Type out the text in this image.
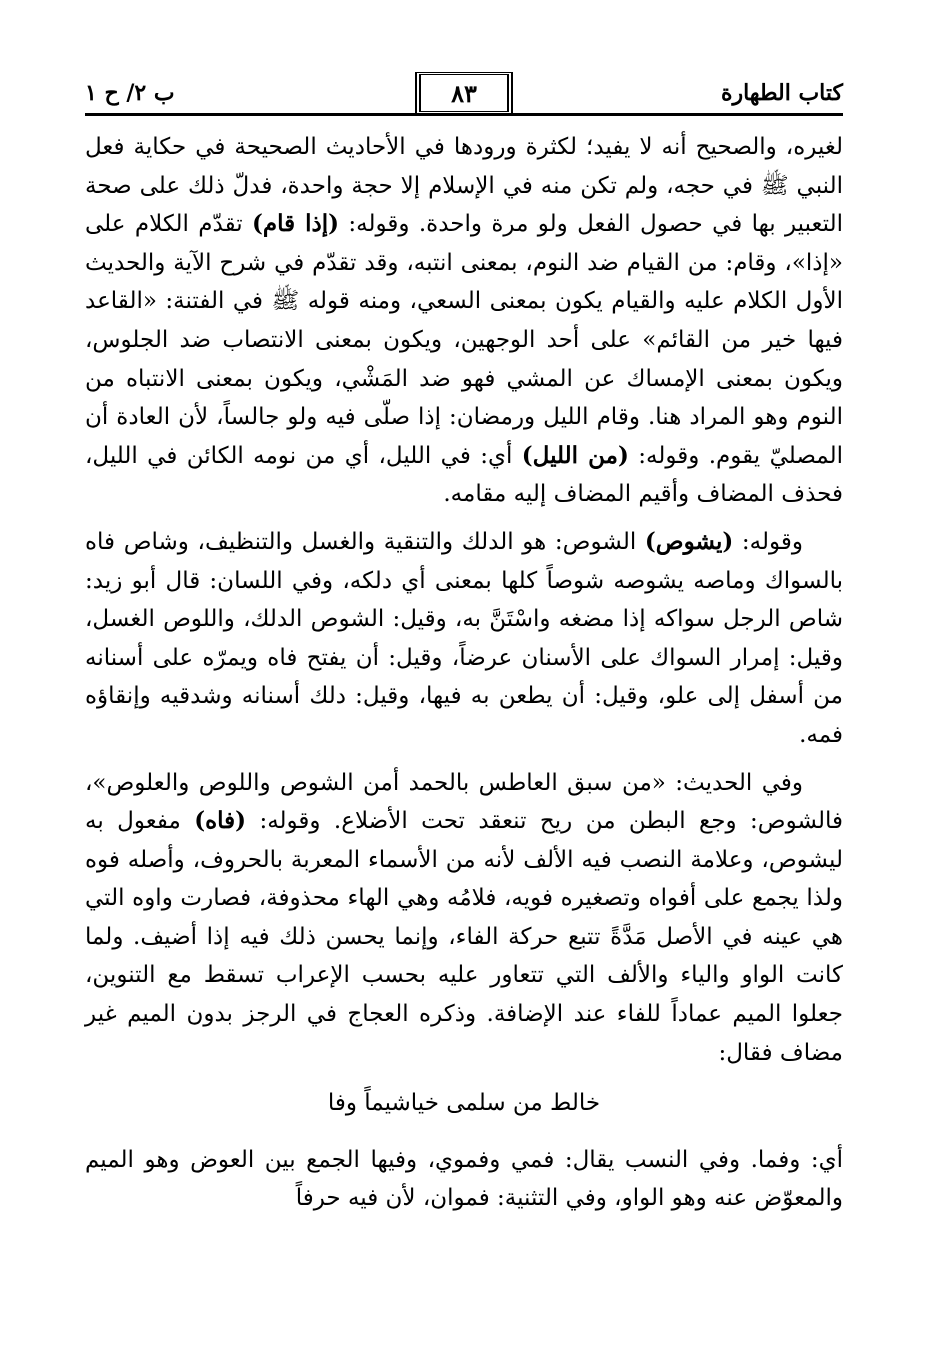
كتاب الطهارة
٨٣
ب ٢/ ح ١

لغيره، والصحيح أنه لا يفيد؛ لكثرة ورودها في الأحاديث الصحيحة في حكاية فعل النبي ﷺ في حجه، ولم تكن منه في الإسلام إلا حجة واحدة، فدلّ ذلك على صحة التعبير بها في حصول الفعل ولو مرة واحدة. وقوله: (إذا قام) تقدّم الكلام على «إذا»، وقام: من القيام ضد النوم، بمعنى انتبه، وقد تقدّم في شرح الآية والحديث الأول الكلام عليه والقيام يكون بمعنى السعي، ومنه قوله ﷺ في الفتنة: «القاعد فيها خير من القائم» على أحد الوجهين، ويكون بمعنى الانتصاب ضد الجلوس، ويكون بمعنى الإمساك عن المشي فهو ضد المَشْي، ويكون بمعنى الانتباه من النوم وهو المراد هنا. وقام الليل ورمضان: إذا صلّى فيه ولو جالساً، لأن العادة أن المصليّ يقوم. وقوله: (من الليل) أي: في الليل، أي من نومه الكائن في الليل، فحذف المضاف وأقيم المضاف إليه مقامه.

وقوله: (يشوص) الشوص: هو الدلك والتنقية والغسل والتنظيف، وشاص فاه بالسواك وماصه يشوصه شوصاً كلها بمعنى أي دلكه، وفي اللسان: قال أبو زيد: شاص الرجل سواكه إذا مضغه واسْتَنَّ به، وقيل: الشوص الدلك، واللوص الغسل، وقيل: إمرار السواك على الأسنان عرضاً، وقيل: أن يفتح فاه ويمرّه على أسنانه من أسفل إلى علو، وقيل: أن يطعن به فيها، وقيل: دلك أسنانه وشدقيه وإنقاؤه فمه.

وفي الحديث: «من سبق العاطس بالحمد أمن الشوص واللوص والعلوص»، فالشوص: وجع البطن من ريح تنعقد تحت الأضلاع. وقوله: (فاه) مفعول به ليشوص، وعلامة النصب فيه الألف لأنه من الأسماء المعربة بالحروف، وأصله فوه ولذا يجمع على أفواه وتصغيره فويه، فلامُه وهي الهاء محذوفة، فصارت واوه التي هي عينه في الأصل مَدَّةً تتبع حركة الفاء، وإنما يحسن ذلك فيه إذا أضيف. ولما كانت الواو والياء والألف التي تتعاور عليه بحسب الإعراب تسقط مع التنوين، جعلوا الميم عماداً للفاء عند الإضافة. وذكره العجاج في الرجز بدون الميم غير مضاف فقال:

خالط من سلمى خياشيماً وفا

أي: وفما. وفي النسب يقال: فمي وفموي، وفيها الجمع بين العوض وهو الميم والمعوّض عنه وهو الواو، وفي التثنية: فموان، لأن فيه حرفاً
